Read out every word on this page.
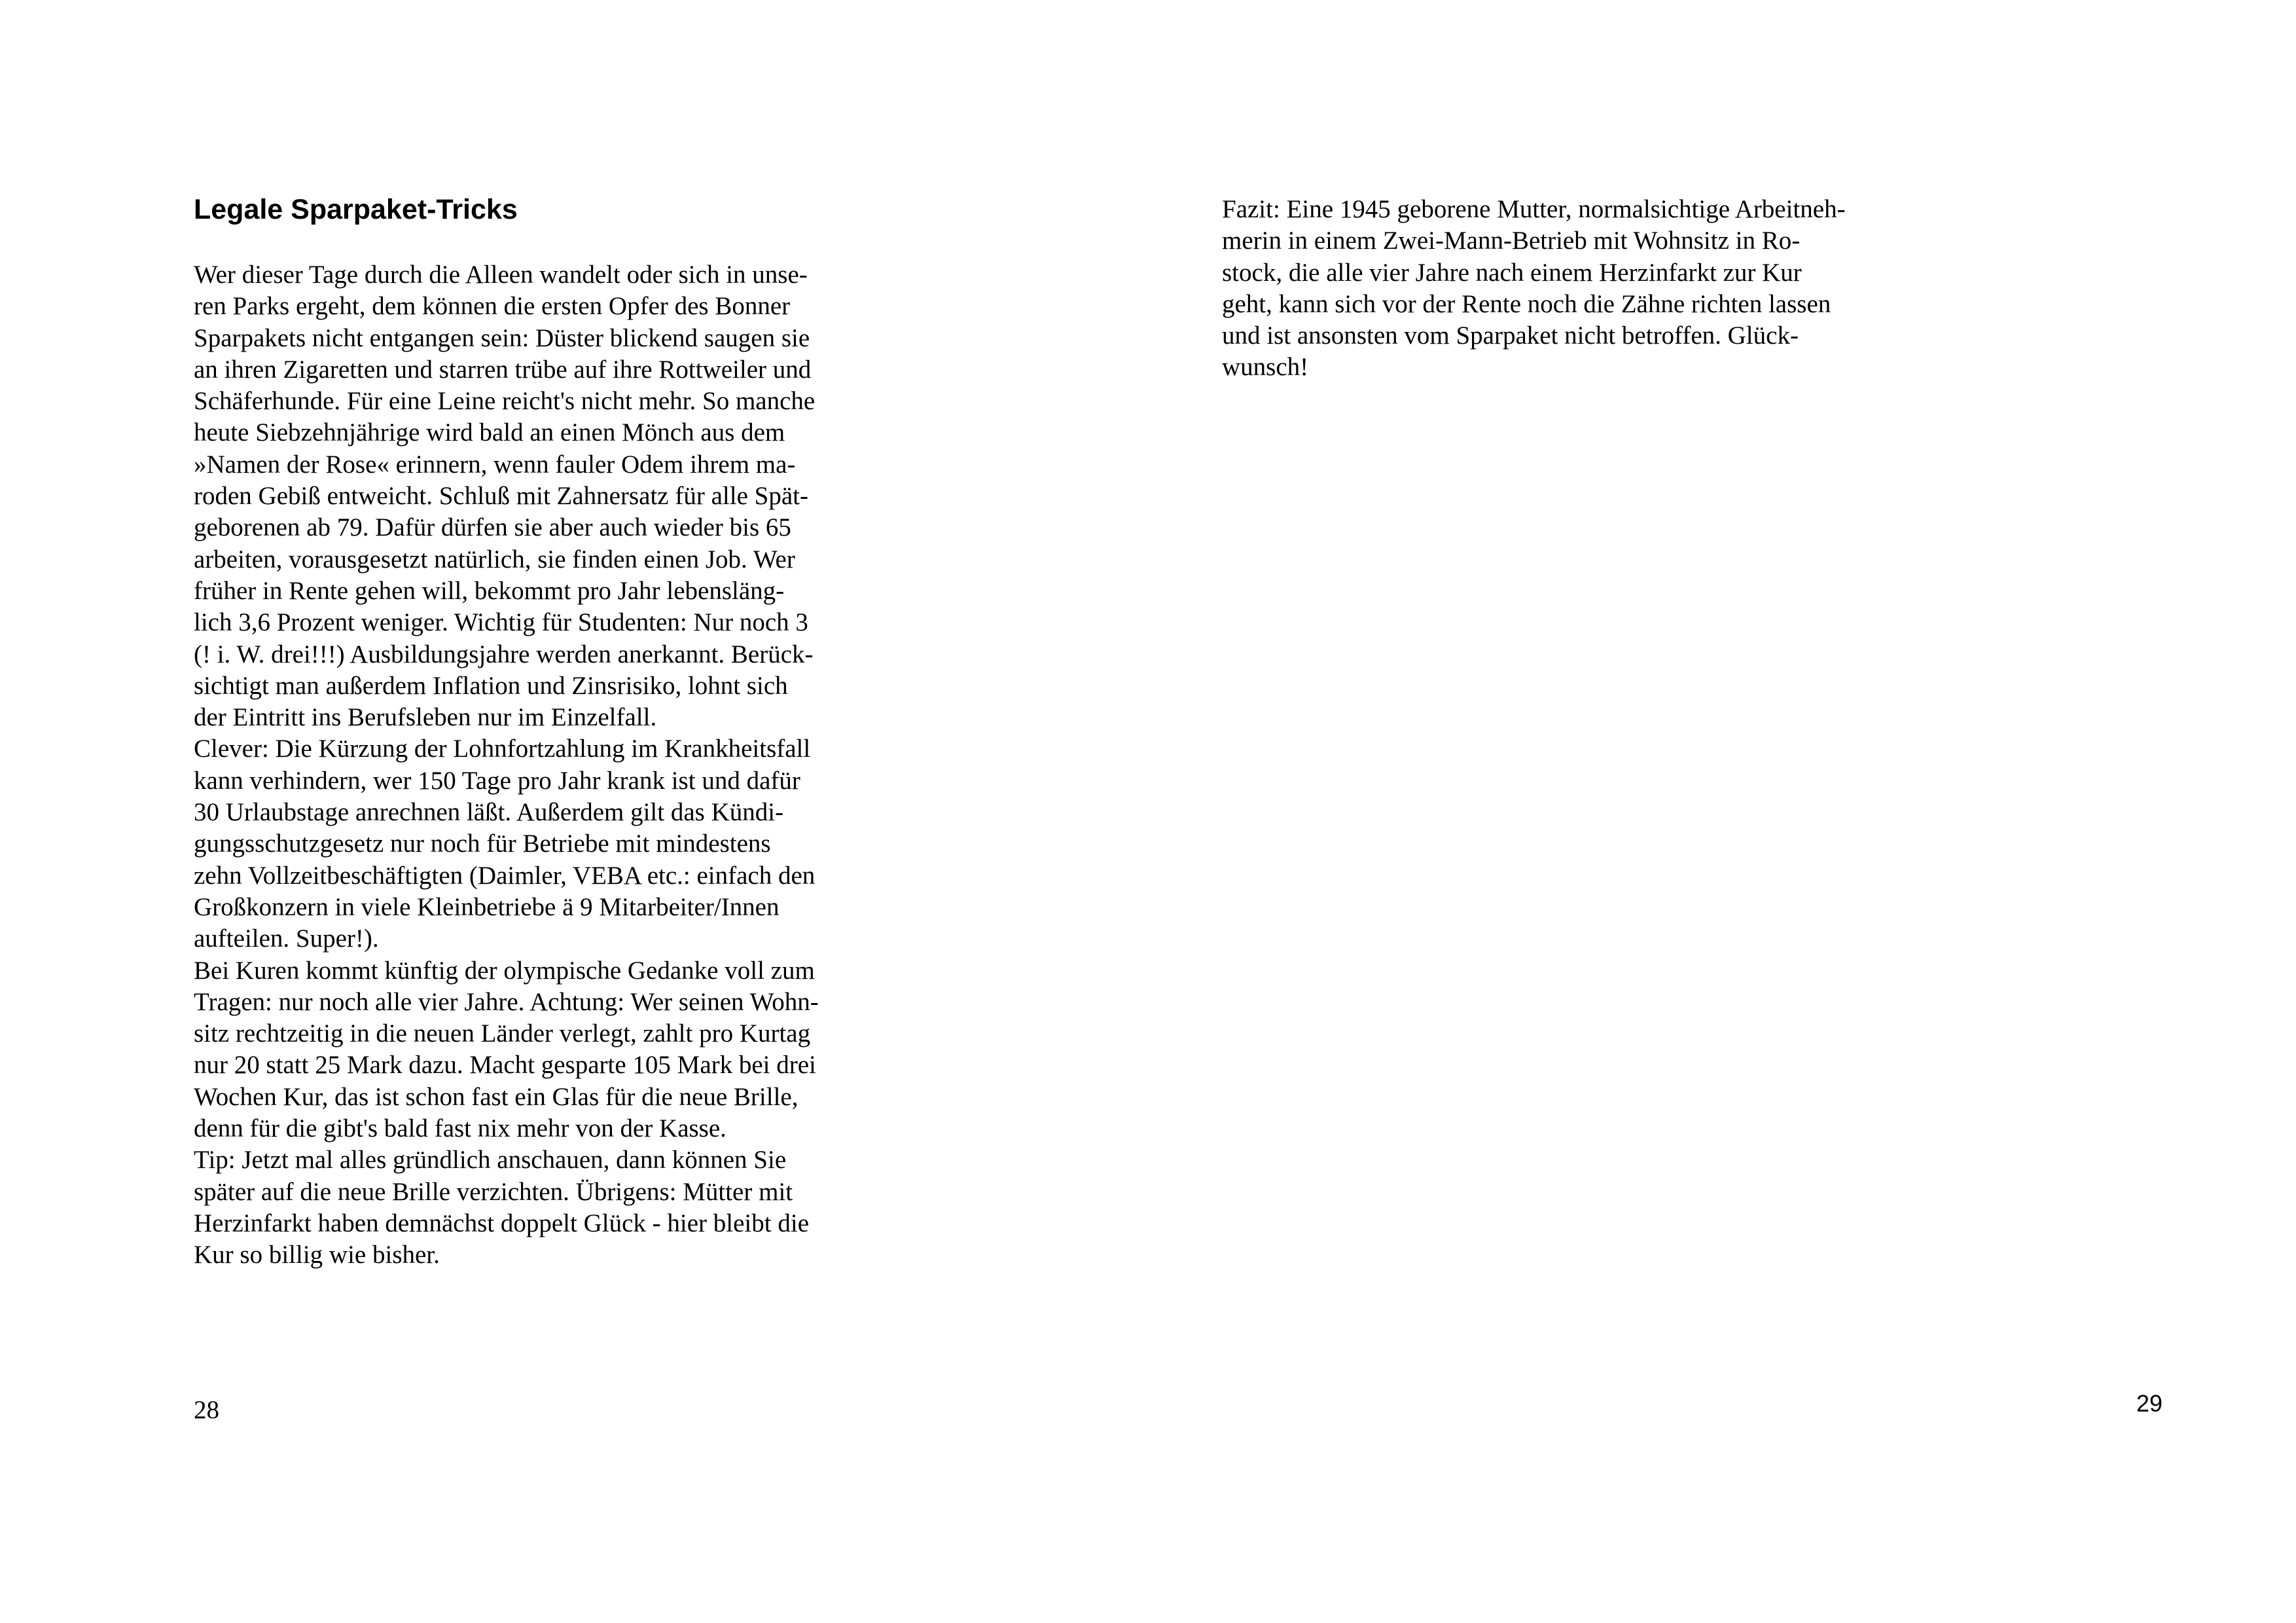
Legale Sparpaket-Tricks
Wer dieser Tage durch die Alleen wandelt oder sich in unse-
ren Parks ergeht, dem können die ersten Opfer des Bonner
Sparpakets nicht entgangen sein: Düster blickend saugen sie
an ihren Zigaretten und starren trübe auf ihre Rottweiler und
Schäferhunde. Für eine Leine reicht's nicht mehr. So manche
heute Siebzehnjährige wird bald an einen Mönch aus dem
»Namen der Rose« erinnern, wenn fauler Odem ihrem ma-
roden Gebiß entweicht. Schluß mit Zahnersatz für alle Spät-
geborenen ab 79. Dafür dürfen sie aber auch wieder bis 65
arbeiten, vorausgesetzt natürlich, sie finden einen Job. Wer
früher in Rente gehen will, bekommt pro Jahr lebensläng-
lich 3,6 Prozent weniger. Wichtig für Studenten: Nur noch 3
(! i. W. drei!!!) Ausbildungsjahre werden anerkannt. Berück-
sichtigt man außerdem Inflation und Zinsrisiko, lohnt sich
der Eintritt ins Berufsleben nur im Einzelfall.
Clever: Die Kürzung der Lohnfortzahlung im Krankheitsfall
kann verhindern, wer 150 Tage pro Jahr krank ist und dafür
30 Urlaubstage anrechnen läßt. Außerdem gilt das Kündi-
gungsschutzgesetz nur noch für Betriebe mit mindestens
zehn Vollzeitbeschäftigten (Daimler, VEBA etc.: einfach den
Großkonzern in viele Kleinbetriebe ä 9 Mitarbeiter/Innen
aufteilen. Super!).
Bei Kuren kommt künftig der olympische Gedanke voll zum
Tragen: nur noch alle vier Jahre. Achtung: Wer seinen Wohn-
sitz rechtzeitig in die neuen Länder verlegt, zahlt pro Kurtag
nur 20 statt 25 Mark dazu. Macht gesparte 105 Mark bei drei
Wochen Kur, das ist schon fast ein Glas für die neue Brille,
denn für die gibt's bald fast nix mehr von der Kasse.
Tip: Jetzt mal alles gründlich anschauen, dann können Sie
später auf die neue Brille verzichten. Übrigens: Mütter mit
Herzinfarkt haben demnächst doppelt Glück - hier bleibt die
Kur so billig wie bisher.
28
Fazit: Eine 1945 geborene Mutter, normalsichtige Arbeitneh-
merin in einem Zwei-Mann-Betrieb mit Wohnsitz in Ro-
stock, die alle vier Jahre nach einem Herzinfarkt zur Kur
geht, kann sich vor der Rente noch die Zähne richten lassen
und ist ansonsten vom Sparpaket nicht betroffen. Glück-
wunsch!
29
